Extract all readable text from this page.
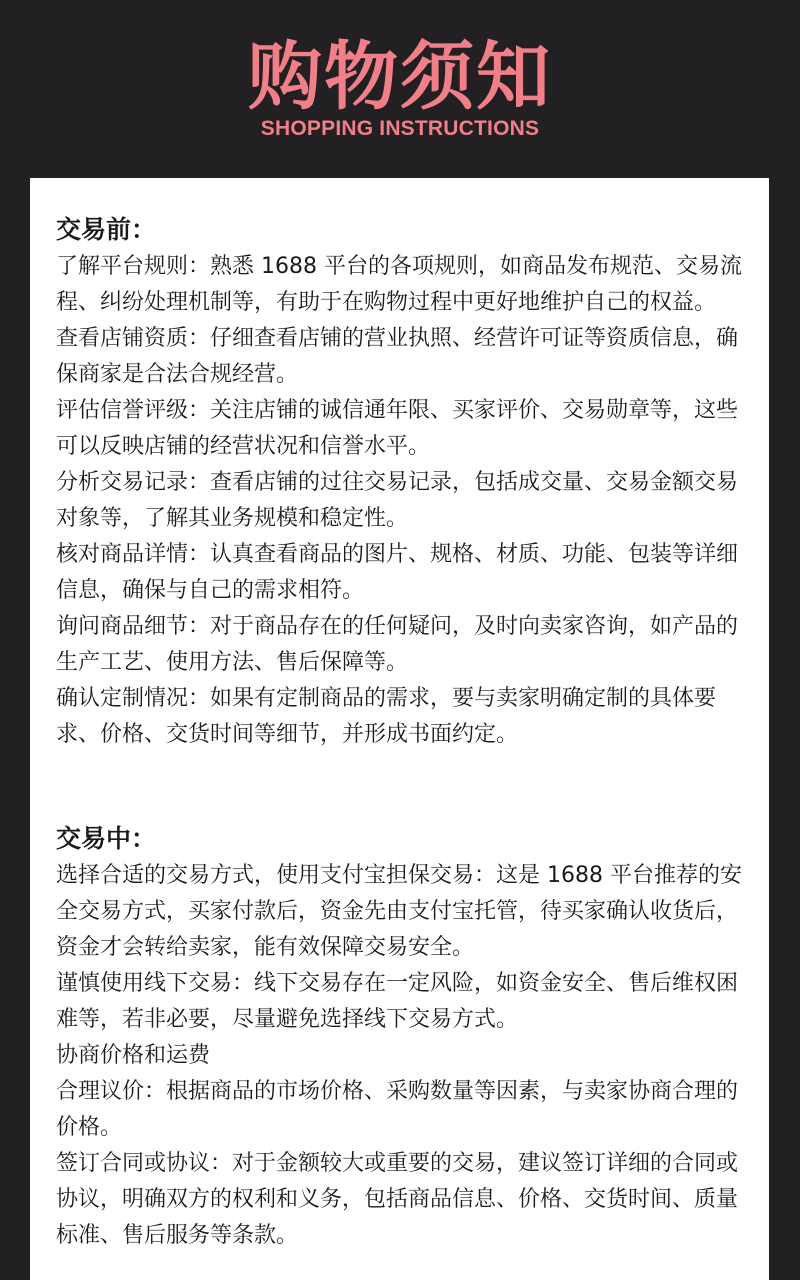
购物须知
SHOPPING INSTRUCTIONS
交易前：

了解平台规则：熟悉 1688 平台的各项规则，如商品发布规范、交易流程、纠纷处理机制等，有助于在购物过程中更好地维护自己的权益。

查看店铺资质：仔细查看店铺的营业执照、经营许可证等资质信息，确保商家是合法合规经营。

评估信誉评级：关注店铺的诚信通年限、买家评价、交易勋章等，这些可以反映店铺的经营状况和信誉水平。

分析交易记录：查看店铺的过往交易记录，包括成交量、交易金额交易对象等，了解其业务规模和稳定性。

核对商品详情：认真查看商品的图片、规格、材质、功能、包装等详细信息，确保与自己的需求相符。

询问商品细节：对于商品存在的任何疑问，及时向卖家咨询，如产品的生产工艺、使用方法、售后保障等。

确认定制情况：如果有定制商品的需求，要与卖家明确定制的具体要求、价格、交货时间等细节，并形成书面约定。

交易中：

选择合适的交易方式，使用支付宝担保交易：这是 1688 平台推荐的安全交易方式，买家付款后，资金先由支付宝托管，待买家确认收货后，资金才会转给卖家，能有效保障交易安全。

谨慎使用线下交易：线下交易存在一定风险，如资金安全、售后维权困难等，若非必要，尽量避免选择线下交易方式。

协商价格和运费

合理议价：根据商品的市场价格、采购数量等因素，与卖家协商合理的价格。

签订合同或协议：对于金额较大或重要的交易，建议签订详细的合同或协议，明确双方的权利和义务，包括商品信息、价格、交货时间、质量标准、售后服务等条款。
